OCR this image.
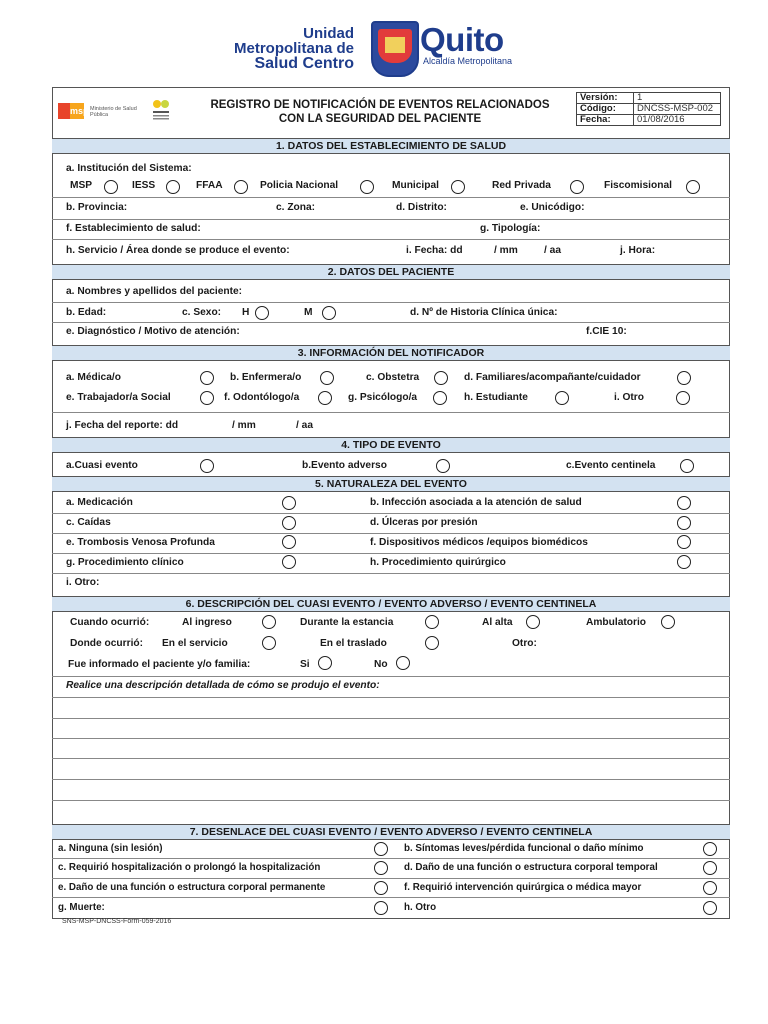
Unidad
Metropolitana de
Salud Centro
Quito
Alcaldía Metropolitana
msp Ministerio de Salud Pública
REGISTRO DE NOTIFICACIÓN DE EVENTOS RELACIONADOS
CON LA SEGURIDAD DEL PACIENTE
Versión:	1
Código:	DNCSS-MSP-002
Fecha:	01/08/2016
1. DATOS DEL ESTABLECIMIENTO DE SALUD
a. Institución del Sistema:
MSP	IESS	FFAA	Policia Nacional	Municipal	Red Privada	Fiscomisional
b. Provincia:	c. Zona:	d. Distrito:	e. Unicódigo:
f. Establecimiento de salud:	g. Tipología:
h. Servicio / Área donde se produce el evento:	i. Fecha: dd	/ mm	/ aa	j. Hora:
2. DATOS DEL PACIENTE
a. Nombres y apellidos del paciente:
b. Edad:	c. Sexo: H	M	d. Nº de Historia Clínica única:
e. Diagnóstico / Motivo de atención:	f.CIE 10:
3. INFORMACIÓN DEL NOTIFICADOR
a. Médica/o	b. Enfermera/o	c. Obstetra	d. Familiares/acompañante/cuidador
e. Trabajador/a Social	f. Odontólogo/a	g. Psicólogo/a	h. Estudiante	i. Otro
j. Fecha del reporte: dd	/ mm	/ aa
4. TIPO DE EVENTO
a.Cuasi evento	b.Evento adverso	c.Evento centinela
5. NATURALEZA DEL EVENTO
a. Medicación	b. Infección asociada a la atención de salud
c. Caídas	d. Úlceras por presión
e. Trombosis Venosa Profunda	f. Dispositivos médicos /equipos biomédicos
g. Procedimiento clínico	h. Procedimiento quirúrgico
i. Otro:
6. DESCRIPCIÓN DEL CUASI EVENTO / EVENTO ADVERSO / EVENTO CENTINELA
Cuando ocurrió:	Al ingreso	Durante la estancia	Al alta	Ambulatorio
Donde ocurrió: En el servicio	En el traslado	Otro:
Fue informado el paciente y/o familia:	Si	No
Realice una descripción detallada de cómo se produjo el evento:
7. DESENLACE DEL CUASI EVENTO / EVENTO ADVERSO / EVENTO CENTINELA
a. Ninguna (sin lesión)	b. Síntomas leves/pérdida funcional o daño mínimo
c. Requirió hospitalización o prolongó la hospitalización	d. Daño de una función o estructura corporal temporal
e. Daño de una función o estructura corporal permanente	f. Requirió intervención quirúrgica o médica mayor
g. Muerte:	h. Otro
SNS-MSP-DNCSS-Form-059-2016
